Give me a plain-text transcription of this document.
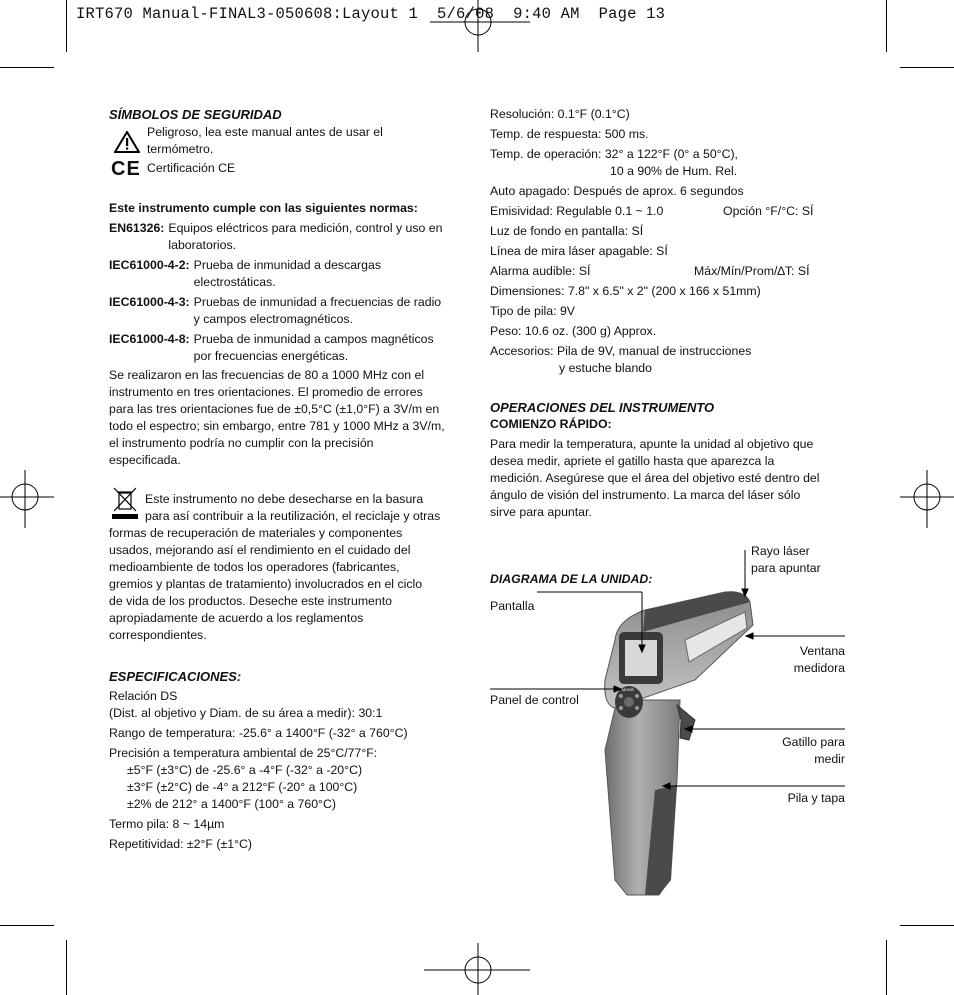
IRT670 Manual-FINAL3-050608:Layout 1  5/6/08  9:40 AM  Page 13

SÍMBOLOS DE SEGURIDAD

Peligroso, lea este manual antes de usar el

termómetro.

CE Certificación CE

Este instrumento cumple con las siguientes normas:

EN61326: Equipos eléctricos para medición, control y uso en

laboratorios.

IEC61000-4-2: Prueba de inmunidad a descargas

electrostáticas.

IEC61000-4-3: Pruebas de inmunidad a frecuencias de radio

y campos electromagnéticos.

IEC61000-4-8: Prueba de inmunidad a campos magnéticos

por frecuencias energéticas.

Se realizaron en las frecuencias de 80 a 1000 MHz con el

instrumento en tres orientaciones. El promedio de errores

para las tres orientaciones fue de ±0,5°C (±1,0°F) a 3V/m en

todo el espectro; sin embargo, entre 781 y 1000 MHz a 3V/m,

el instrumento podría no cumplir con la precisión

especificada.

Este instrumento no debe desecharse en la basura

para así contribuir a la reutilización, el reciclaje y otras

formas de recuperación de materiales y componentes

usados, mejorando así el rendimiento en el cuidado del

medioambiente de todos los operadores (fabricantes,

gremios y plantas de tratamiento) involucrados en el ciclo

de vida de los productos. Deseche este instrumento

apropiadamente de acuerdo a los reglamentos

correspondientes.

ESPECIFICACIONES:

Relación DS

(Dist. al objetivo y Diam. de su área a medir): 30:1

Rango de temperatura: -25.6° a 1400°F (-32° a 760°C)

Precisión a temperatura ambiental de 25°C/77°F:

±5°F (±3°C) de -25.6° a -4°F (-32° a -20°C)

±3°F (±2°C) de -4° a 212°F (-20° a 100°C)

±2% de 212° a 1400°F (100° a 760°C)

Termo pila: 8 ~ 14µm

Repetitividad: ±2°F (±1°C)

Resolución: 0.1°F (0.1°C)

Temp. de respuesta: 500 ms.

Temp. de operación: 32° a 122°F (0° a 50°C),

10 a 90% de Hum. Rel.

Auto apagado: Después de aprox. 6 segundos

Emisividad: Regulable 0.1 ~ 1.0	Opción °F/°C: SÍ

Luz de fondo en pantalla: SÍ

Línea de mira láser apagable: SÍ

Alarma audible: SÍ	Máx/Mín/Prom/∆T: SÍ

Dimensiones: 7.8" x 6.5" x 2" (200 x 166 x 51mm)

Tipo de pila: 9V

Peso: 10.6 oz. (300 g) Approx.

Accesorios: Pila de 9V, manual de instrucciones

y estuche blando

OPERACIONES DEL INSTRUMENTO

COMIENZO RÁPIDO:

Para medir la temperatura, apunte la unidad al objetivo que

desea medir, apriete el gatillo hasta que aparezca la

medición. Asegúrese que el área del objetivo esté dentro del

ángulo de visión del instrumento. La marca del láser sólo

sirve para apuntar.

DIAGRAMA DE LA UNIDAD:

Rayo láser

para apuntar

Pantalla

Ventana

medidora

Panel de control

Gatillo para

medir

Pila y tapa

MODE
